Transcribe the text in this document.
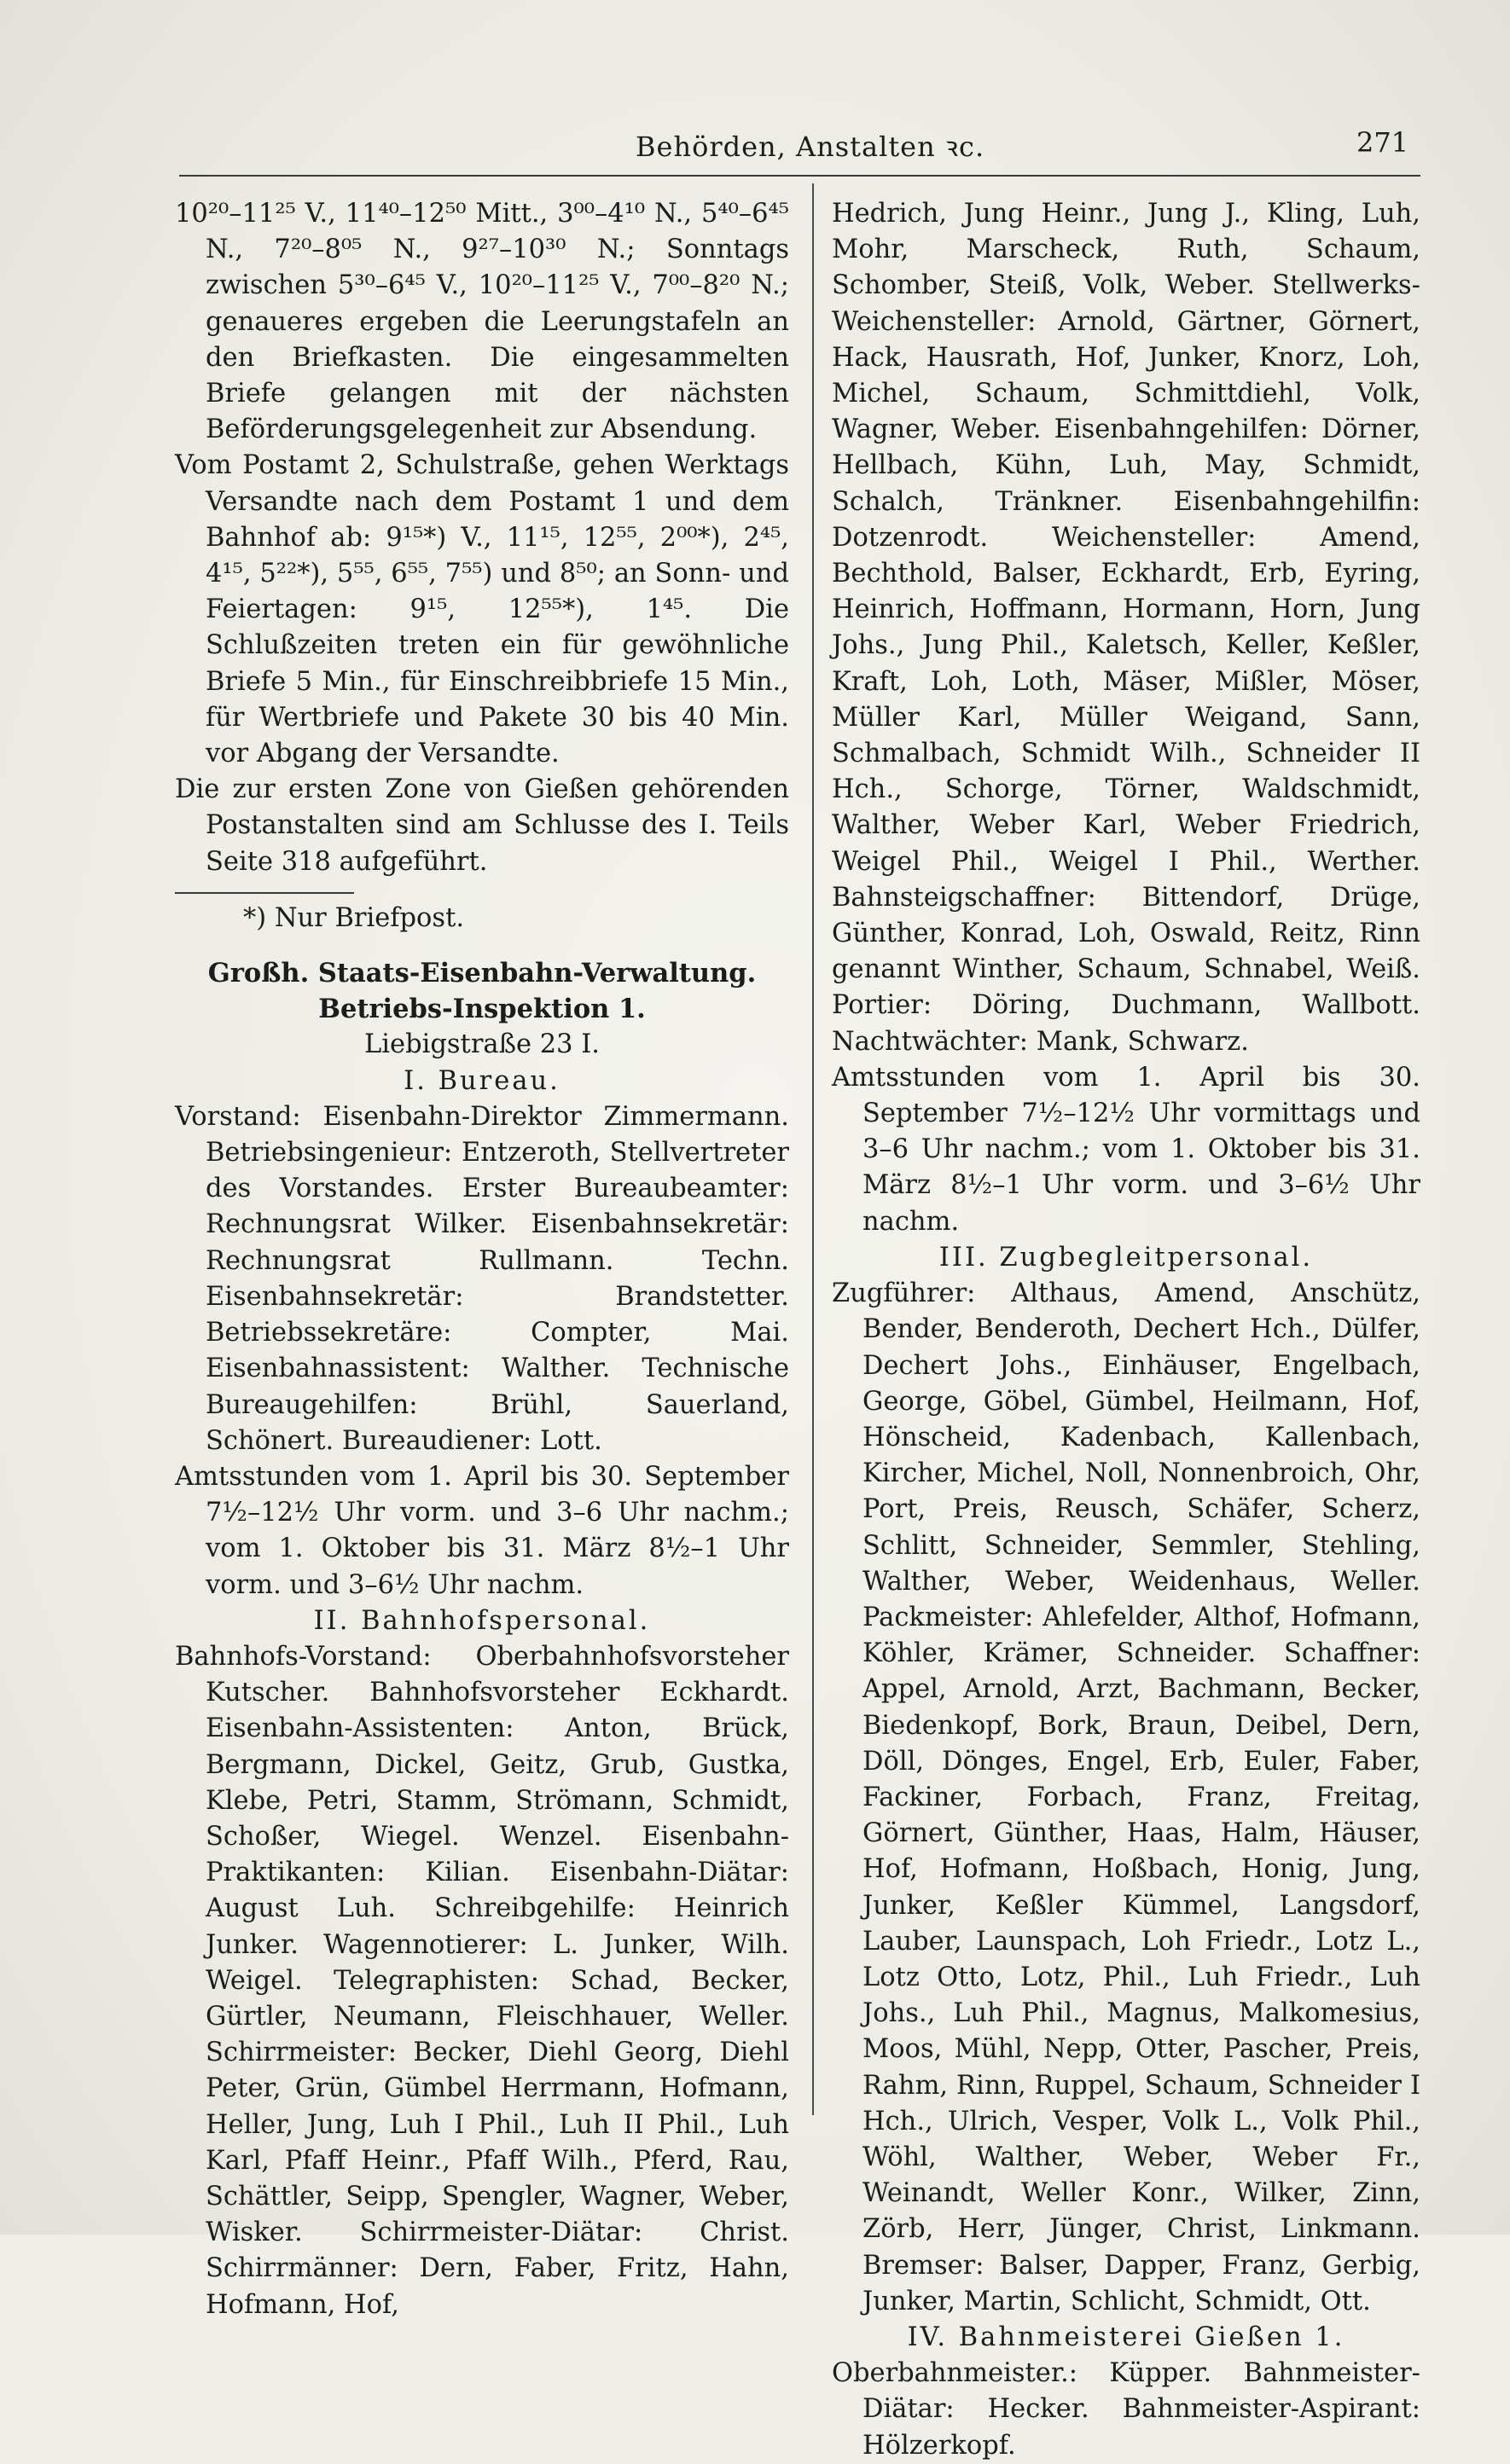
Behörden, Anstalten ꝛc.	271

10²⁰–11²⁵ V., 11⁴⁰–12⁵⁰ Mitt., 3⁰⁰–4¹⁰ N., 5⁴⁰–6⁴⁵ N., 7²⁰–8⁰⁵ N., 9²⁷–10³⁰ N.; Sonntags zwischen 5³⁰–6⁴⁵ V., 10²⁰–11²⁵ V., 7⁰⁰–8²⁰ N.; genaueres ergeben die Leerungstafeln an den Briefkasten. Die eingesammelten Briefe gelangen mit der nächsten Beförderungsgelegenheit zur Absendung.

Vom Postamt 2, Schulstraße, gehen Werktags Versandte nach dem Postamt 1 und dem Bahnhof ab: 9¹⁵*) V., 11¹⁵, 12⁵⁵, 2⁰⁰*), 2⁴⁵, 4¹⁵, 5²²*), 5⁵⁵, 6⁵⁵, 7⁵⁵) und 8⁵⁰; an Sonn- und Feiertagen: 9¹⁵, 12⁵⁵*), 1⁴⁵. Die Schlußzeiten treten ein für gewöhnliche Briefe 5 Min., für Einschreibbriefe 15 Min., für Wertbriefe und Pakete 30 bis 40 Min. vor Abgang der Versandte.

Die zur ersten Zone von Gießen gehörenden Postanstalten sind am Schlusse des I. Teils Seite 318 aufgeführt.

*) Nur Briefpost.

Großh. Staats-Eisenbahn-Verwaltung.

Betriebs-Inspektion 1.

Liebigstraße 23 I.

I. Bureau.

Vorstand: Eisenbahn-Direktor Zimmermann. Betriebsingenieur: Entzeroth, Stellvertreter des Vorstandes. Erster Bureaubeamter: Rechnungsrat Wilker. Eisenbahnsekretär: Rechnungsrat Rullmann. Techn. Eisenbahnsekretär: Brandstetter. Betriebssekretäre: Compter, Mai. Eisenbahnassistent: Walther. Technische Bureaugehilfen: Brühl, Sauerland, Schönert. Bureaudiener: Lott.

Amtsstunden vom 1. April bis 30. September 7½–12½ Uhr vorm. und 3–6 Uhr nachm.; vom 1. Oktober bis 31. März 8½–1 Uhr vorm. und 3–6½ Uhr nachm.

II. Bahnhofspersonal.

Bahnhofs-Vorstand: Oberbahnhofsvorsteher Kutscher. Bahnhofsvorsteher Eckhardt. Eisenbahn-Assistenten: Anton, Brück, Bergmann, Dickel, Geitz, Grub, Gustka, Klebe, Petri, Stamm, Strömann, Schmidt, Schoßer, Wiegel. Wenzel. Eisenbahn-Praktikanten: Kilian. Eisenbahn-Diätar: August Luh. Schreibgehilfe: Heinrich Junker. Wagennotierer: L. Junker, Wilh. Weigel. Telegraphisten: Schad, Becker, Gürtler, Neumann, Fleischhauer, Weller. Schirrmeister: Becker, Diehl Georg, Diehl Peter, Grün, Gümbel Herrmann, Hofmann, Heller, Jung, Luh I Phil., Luh II Phil., Luh Karl, Pfaff Heinr., Pfaff Wilh., Pferd, Rau, Schättler, Seipp, Spengler, Wagner, Weber, Wisker. Schirrmeister-Diätar: Christ. Schirrmänner: Dern, Faber, Fritz, Hahn, Hofmann, Hof,

Hedrich, Jung Heinr., Jung J., Kling, Luh, Mohr, Marscheck, Ruth, Schaum, Schomber, Steiß, Volk, Weber. Stellwerks-Weichensteller: Arnold, Gärtner, Görnert, Hack, Hausrath, Hof, Junker, Knorz, Loh, Michel, Schaum, Schmittdiehl, Volk, Wagner, Weber. Eisenbahngehilfen: Dörner, Hellbach, Kühn, Luh, May, Schmidt, Schalch, Tränkner. Eisenbahngehilfin: Dotzenrodt. Weichensteller: Amend, Bechthold, Balser, Eckhardt, Erb, Eyring, Heinrich, Hoffmann, Hormann, Horn, Jung Johs., Jung Phil., Kaletsch, Keller, Keßler, Kraft, Loh, Loth, Mäser, Mißler, Möser, Müller Karl, Müller Weigand, Sann, Schmalbach, Schmidt Wilh., Schneider II Hch., Schorge, Törner, Waldschmidt, Walther, Weber Karl, Weber Friedrich, Weigel Phil., Weigel I Phil., Werther. Bahnsteigschaffner: Bittendorf, Drüge, Günther, Konrad, Loh, Oswald, Reitz, Rinn genannt Winther, Schaum, Schnabel, Weiß. Portier: Döring, Duchmann, Wallbott. Nachtwächter: Mank, Schwarz.

Amtsstunden vom 1. April bis 30. September 7½–12½ Uhr vormittags und 3–6 Uhr nachm.; vom 1. Oktober bis 31. März 8½–1 Uhr vorm. und 3–6½ Uhr nachm.

III. Zugbegleitpersonal.

Zugführer: Althaus, Amend, Anschütz, Bender, Benderoth, Dechert Hch., Dülfer, Dechert Johs., Einhäuser, Engelbach, George, Göbel, Gümbel, Heilmann, Hof, Hönscheid, Kadenbach, Kallenbach, Kircher, Michel, Noll, Nonnenbroich, Ohr, Port, Preis, Reusch, Schäfer, Scherz, Schlitt, Schneider, Semmler, Stehling, Walther, Weber, Weidenhaus, Weller. Packmeister: Ahlefelder, Althof, Hofmann, Köhler, Krämer, Schneider. Schaffner: Appel, Arnold, Arzt, Bachmann, Becker, Biedenkopf, Bork, Braun, Deibel, Dern, Döll, Dönges, Engel, Erb, Euler, Faber, Fackiner, Forbach, Franz, Freitag, Görnert, Günther, Haas, Halm, Häuser, Hof, Hofmann, Hoßbach, Honig, Jung, Junker, Keßler Kümmel, Langsdorf, Lauber, Launspach, Loh Friedr., Lotz L., Lotz Otto, Lotz, Phil., Luh Friedr., Luh Johs., Luh Phil., Magnus, Malkomesius, Moos, Mühl, Nepp, Otter, Pascher, Preis, Rahm, Rinn, Ruppel, Schaum, Schneider I Hch., Ulrich, Vesper, Volk L., Volk Phil., Wöhl, Walther, Weber, Weber Fr., Weinandt, Weller Konr., Wilker, Zinn, Zörb, Herr, Jünger, Christ, Linkmann. Bremser: Balser, Dapper, Franz, Gerbig, Junker, Martin, Schlicht, Schmidt, Ott.

IV. Bahnmeisterei Gießen 1.

Oberbahnmeister.: Küpper. Bahnmeister-Diätar: Hecker. Bahnmeister-Aspirant: Hölzerkopf.
